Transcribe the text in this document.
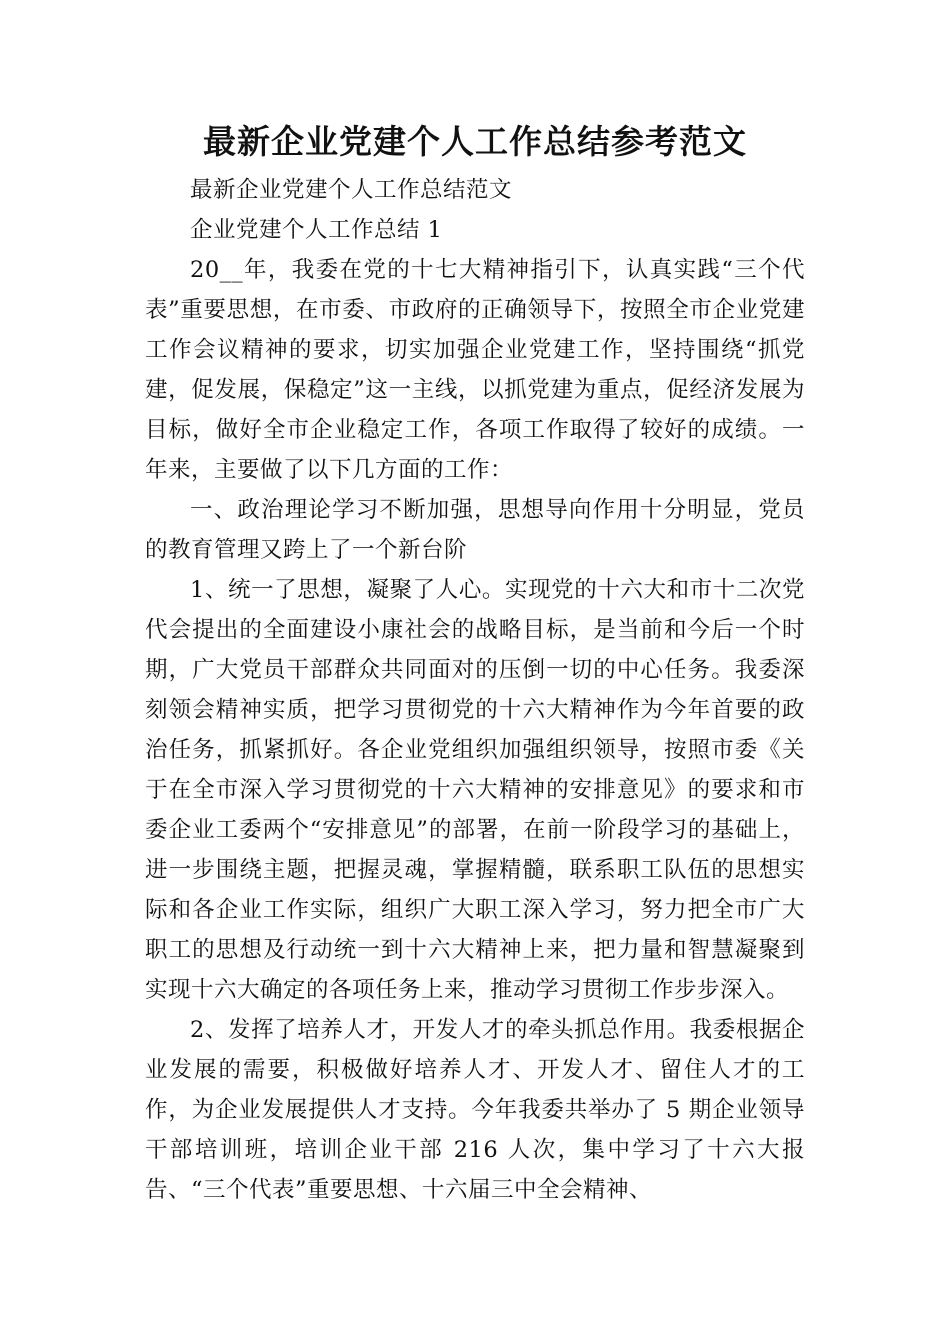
最新企业党建个人工作总结参考范文

最新企业党建个人工作总结范文

企业党建个人工作总结 1

20__年，我委在党的十七大精神指引下，认真实践“三个代表”重要思想，在市委、市政府的正确领导下，按照全市企业党建工作会议精神的要求，切实加强企业党建工作，坚持围绕“抓党建，促发展，保稳定”这一主线，以抓党建为重点，促经济发展为目标，做好全市企业稳定工作，各项工作取得了较好的成绩。一年来，主要做了以下几方面的工作：

一、政治理论学习不断加强，思想导向作用十分明显，党员的教育管理又跨上了一个新台阶

1、统一了思想，凝聚了人心。实现党的十六大和市十二次党代会提出的全面建设小康社会的战略目标，是当前和今后一个时期，广大党员干部群众共同面对的压倒一切的中心任务。我委深刻领会精神实质，把学习贯彻党的十六大精神作为今年首要的政治任务，抓紧抓好。各企业党组织加强组织领导，按照市委《关于在全市深入学习贯彻党的十六大精神的安排意见》的要求和市委企业工委两个“安排意见”的部署，在前一阶段学习的基础上，进一步围绕主题，把握灵魂，掌握精髓，联系职工队伍的思想实际和各企业工作实际，组织广大职工深入学习，努力把全市广大职工的思想及行动统一到十六大精神上来，把力量和智慧凝聚到实现十六大确定的各项任务上来，推动学习贯彻工作步步深入。

2、发挥了培养人才，开发人才的牵头抓总作用。我委根据企业发展的需要，积极做好培养人才、开发人才、留住人才的工作，为企业发展提供人才支持。今年我委共举办了 5 期企业领导干部培训班，培训企业干部 216 人次，集中学习了十六大报告、“三个代表”重要思想、十六届三中全会精神、
